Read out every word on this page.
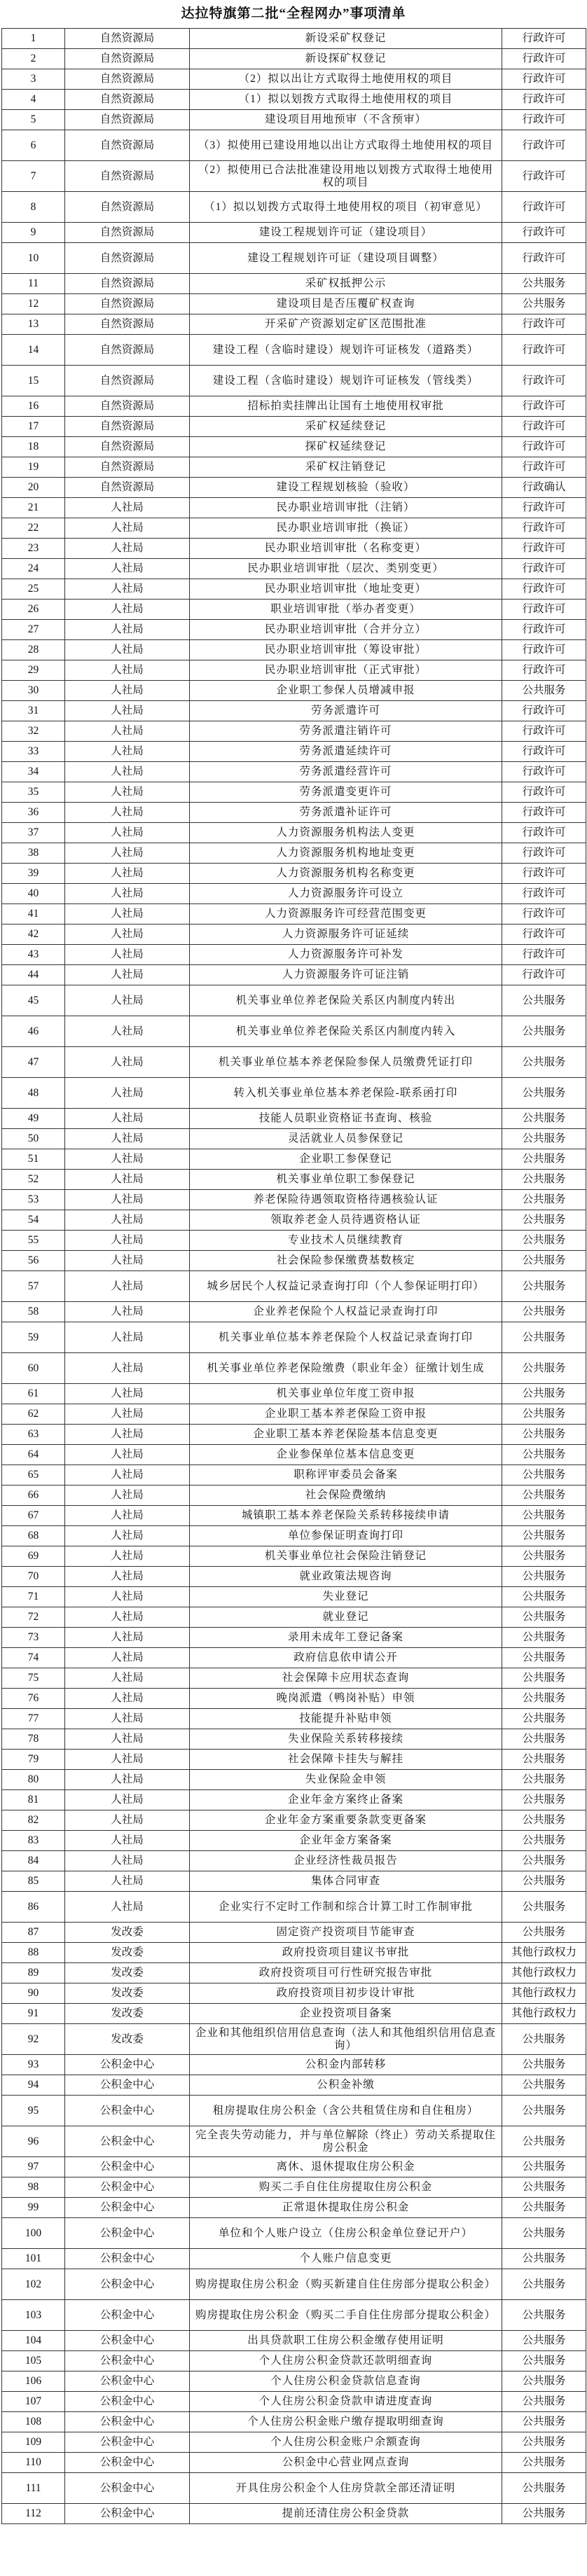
达拉特旗第二批“全程网办”事项清单
1	自然资源局	新设采矿权登记	行政许可
2	自然资源局	新设探矿权登记	行政许可
3	自然资源局	（2）拟以出让方式取得土地使用权的项目	行政许可
4	自然资源局	（1）拟以划拨方式取得土地使用权的项目	行政许可
5	自然资源局	建设项目用地预审（不含预审）	行政许可
6	自然资源局	（3）拟使用已建设用地以出让方式取得土地使用权的项目	行政许可
7	自然资源局	（2）拟使用已合法批准建设用地以划拨方式取得土地使用权的项目	行政许可
8	自然资源局	（1）拟以划拨方式取得土地使用权的项目（初审意见）	行政许可
9	自然资源局	建设工程规划许可证（建设项目）	行政许可
10	自然资源局	建设工程规划许可证（建设项目调整）	行政许可
11	自然资源局	采矿权抵押公示	公共服务
12	自然资源局	建设项目是否压覆矿权查询	公共服务
13	自然资源局	开采矿产资源划定矿区范围批准	行政许可
14	自然资源局	建设工程（含临时建设）规划许可证核发（道路类）	行政许可
15	自然资源局	建设工程（含临时建设）规划许可证核发（管线类）	行政许可
16	自然资源局	招标拍卖挂牌出让国有土地使用权审批	行政许可
17	自然资源局	采矿权延续登记	行政许可
18	自然资源局	探矿权延续登记	行政许可
19	自然资源局	采矿权注销登记	行政许可
20	自然资源局	建设工程规划核验（验收）	行政确认
21	人社局	民办职业培训审批（注销）	行政许可
22	人社局	民办职业培训审批（换证）	行政许可
23	人社局	民办职业培训审批（名称变更）	行政许可
24	人社局	民办职业培训审批（层次、类别变更）	行政许可
25	人社局	民办职业培训审批（地址变更）	行政许可
26	人社局	职业培训审批（举办者变更）	行政许可
27	人社局	民办职业培训审批（合并分立）	行政许可
28	人社局	民办职业培训审批（筹设审批）	行政许可
29	人社局	民办职业培训审批（正式审批）	行政许可
30	人社局	企业职工参保人员增减申报	公共服务
31	人社局	劳务派遣许可	行政许可
32	人社局	劳务派遣注销许可	行政许可
33	人社局	劳务派遣延续许可	行政许可
34	人社局	劳务派遣经营许可	行政许可
35	人社局	劳务派遣变更许可	行政许可
36	人社局	劳务派遣补证许可	行政许可
37	人社局	人力资源服务机构法人变更	行政许可
38	人社局	人力资源服务机构地址变更	行政许可
39	人社局	人力资源服务机构名称变更	行政许可
40	人社局	人力资源服务许可设立	行政许可
41	人社局	人力资源服务许可经营范围变更	行政许可
42	人社局	人力资源服务许可证延续	行政许可
43	人社局	人力资源服务许可补发	行政许可
44	人社局	人力资源服务许可证注销	行政许可
45	人社局	机关事业单位养老保险关系区内制度内转出	公共服务
46	人社局	机关事业单位养老保险关系区内制度内转入	公共服务
47	人社局	机关事业单位基本养老保险参保人员缴费凭证打印	公共服务
48	人社局	转入机关事业单位基本养老保险-联系函打印	公共服务
49	人社局	技能人员职业资格证书查询、核验	公共服务
50	人社局	灵活就业人员参保登记	公共服务
51	人社局	企业职工参保登记	公共服务
52	人社局	机关事业单位职工参保登记	公共服务
53	人社局	养老保险待遇领取资格待遇核验认证	公共服务
54	人社局	领取养老金人员待遇资格认证	公共服务
55	人社局	专业技术人员继续教育	公共服务
56	人社局	社会保险参保缴费基数核定	公共服务
57	人社局	城乡居民个人权益记录查询打印（个人参保证明打印）	公共服务
58	人社局	企业养老保险个人权益记录查询打印	公共服务
59	人社局	机关事业单位基本养老保险个人权益记录查询打印	公共服务
60	人社局	机关事业单位养老保险缴费（职业年金）征缴计划生成	公共服务
61	人社局	机关事业单位年度工资申报	公共服务
62	人社局	企业职工基本养老保险工资申报	公共服务
63	人社局	企业职工基本养老保险基本信息变更	公共服务
64	人社局	企业参保单位基本信息变更	公共服务
65	人社局	职称评审委员会备案	公共服务
66	人社局	社会保险费缴纳	公共服务
67	人社局	城镇职工基本养老保险关系转移接续申请	公共服务
68	人社局	单位参保证明查询打印	公共服务
69	人社局	机关事业单位社会保险注销登记	公共服务
70	人社局	就业政策法规咨询	公共服务
71	人社局	失业登记	公共服务
72	人社局	就业登记	公共服务
73	人社局	录用未成年工登记备案	公共服务
74	人社局	政府信息依申请公开	公共服务
75	人社局	社会保障卡应用状态查询	公共服务
76	人社局	晚岗派遣（鸭岗补贴）申领	公共服务
77	人社局	技能提升补贴申领	公共服务
78	人社局	失业保险关系转移接续	公共服务
79	人社局	社会保障卡挂失与解挂	公共服务
80	人社局	失业保险金申领	公共服务
81	人社局	企业年金方案终止备案	公共服务
82	人社局	企业年金方案重要条款变更备案	公共服务
83	人社局	企业年金方案备案	公共服务
84	人社局	企业经济性裁员报告	公共服务
85	人社局	集体合同审查	公共服务
86	人社局	企业实行不定时工作制和综合计算工时工作制审批	公共服务
87	发改委	固定资产投资项目节能审查	公共服务
88	发改委	政府投资项目建议书审批	其他行政权力
89	发改委	政府投资项目可行性研究报告审批	其他行政权力
90	发改委	政府投资项目初步设计审批	其他行政权力
91	发改委	企业投资项目备案	其他行政权力
92	发改委	企业和其他组织信用信息查询（法人和其他组织信用信息查询）	公共服务
93	公积金中心	公积金内部转移	公共服务
94	公积金中心	公积金补缴	公共服务
95	公积金中心	租房提取住房公积金（含公共租赁住房和自住租房）	公共服务
96	公积金中心	完全丧失劳动能力，并与单位解除（终止）劳动关系提取住房公积金	公共服务
97	公积金中心	离休、退休提取住房公积金	公共服务
98	公积金中心	购买二手自住住房提取住房公积金	公共服务
99	公积金中心	正常退休提取住房公积金	公共服务
100	公积金中心	单位和个人账户设立（住房公积金单位登记开户）	公共服务
101	公积金中心	个人账户信息变更	公共服务
102	公积金中心	购房提取住房公积金（购买新建自住住房部分提取公积金）	公共服务
103	公积金中心	购房提取住房公积金（购买二手自住住房部分提取公积金）	公共服务
104	公积金中心	出具贷款职工住房公积金缴存使用证明	公共服务
105	公积金中心	个人住房公积金贷款还款明细查询	公共服务
106	公积金中心	个人住房公积金贷款信息查询	公共服务
107	公积金中心	个人住房公积金贷款申请进度查询	公共服务
108	公积金中心	个人住房公积金账户缴存提取明细查询	公共服务
109	公积金中心	个人住房公积金账户余额查询	公共服务
110	公积金中心	公积金中心营业网点查询	公共服务
111	公积金中心	开具住房公积金个人住房贷款全部还清证明	公共服务
112	公积金中心	提前还清住房公积金贷款	公共服务
